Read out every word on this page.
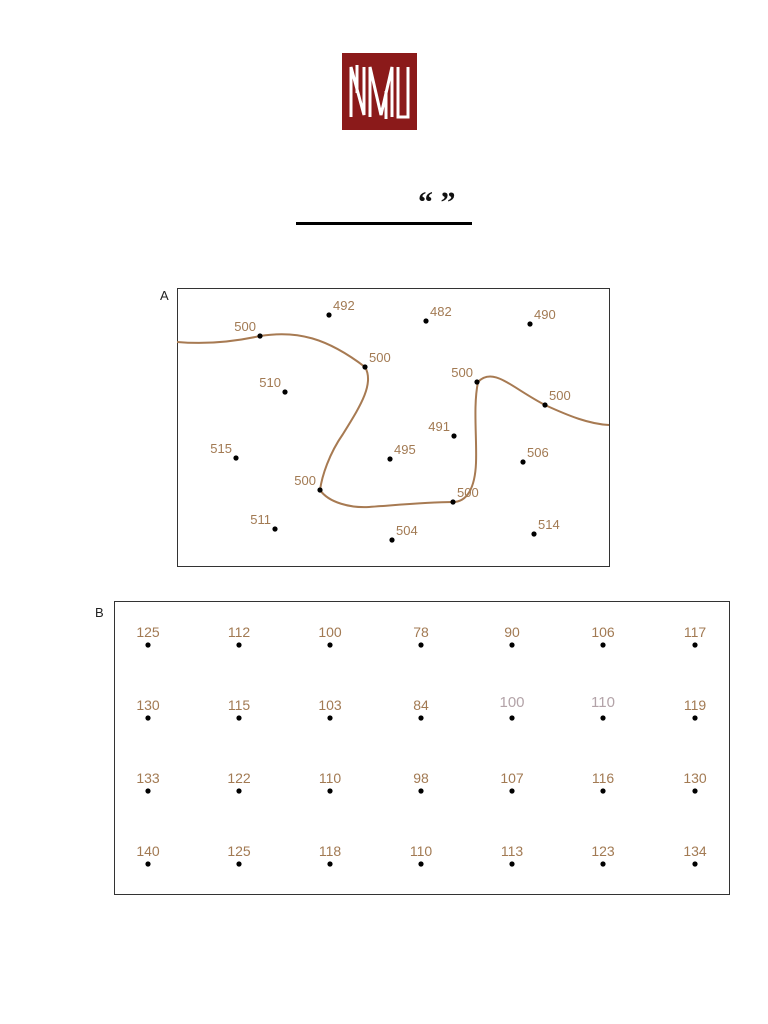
“ ”
A
492	482	490
500
500
510
500
500
491
515	495	506
500
500
511
504	514
B
125	112	100	78	90	106	117
130	115	103	84	100	110	119
133	122	110	98	107	116	130
140	125	118	110	113	123	134
